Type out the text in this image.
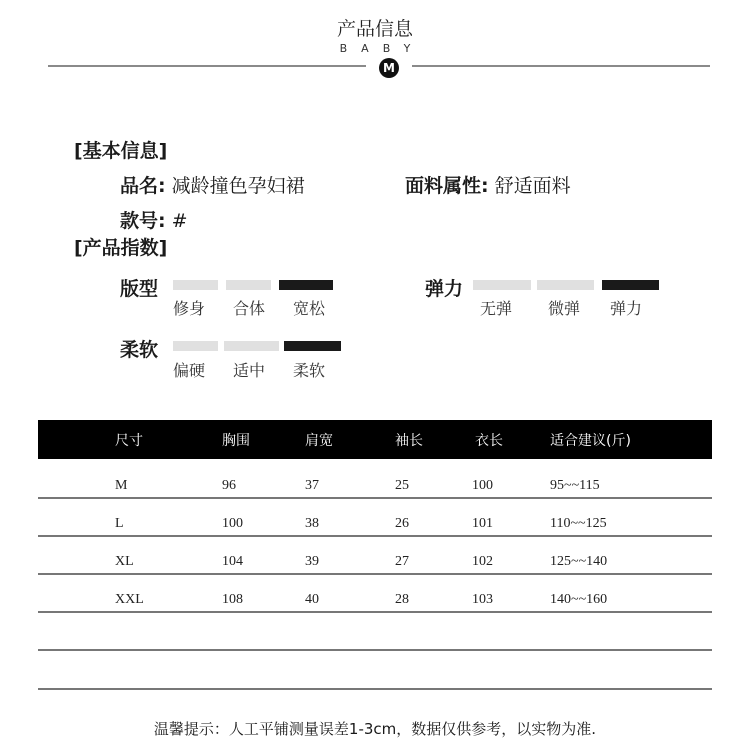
产品信息
BABY
M
[基本信息]
品名: 减龄撞色孕妇裙	面料属性: 舒适面料
款号: #
[产品指数]
版型	弹力
柔软
尺寸	胸围	肩宽	袖长	衣长	适合建议(斤)
温馨提示：人工平铺测量误差1-3cm，数据仅供参考，以实物为准.
修身 合体 宽松	无弹 微弹 弹力
偏硬 适中 柔软
M	96	37	25	100	95~~115
L	100	38	26	101	110~~125
XL	104	39	27	102	125~~140
XXL	108	40	28	103	140~~160
